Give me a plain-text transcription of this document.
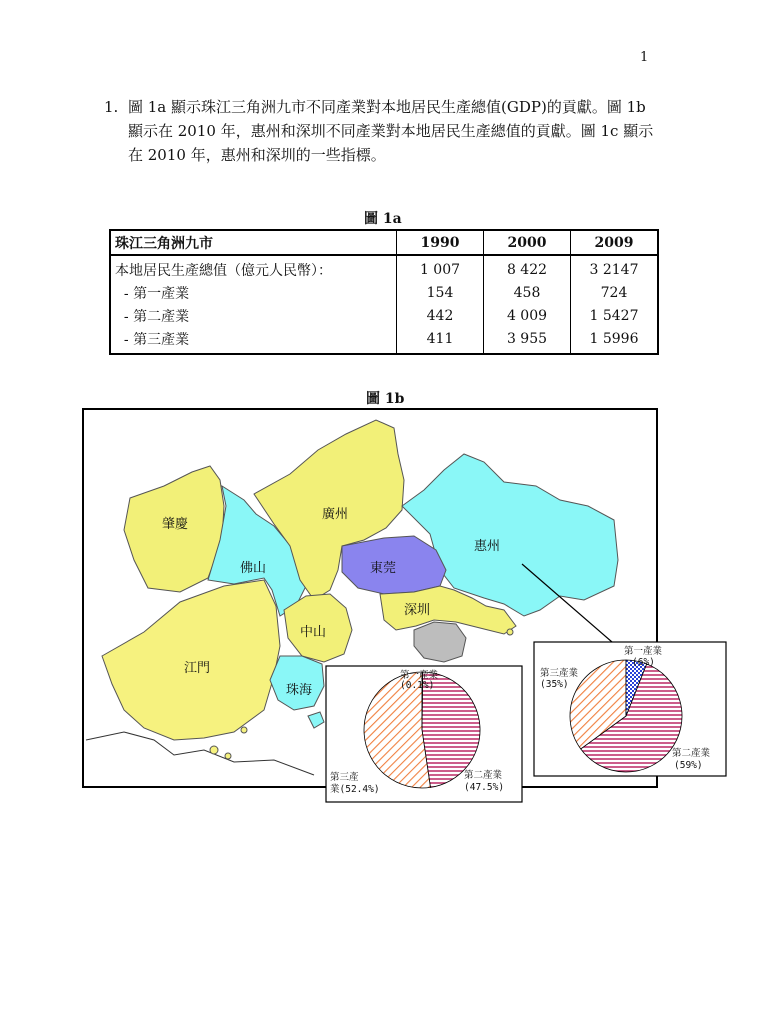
1
1. 圖 1a 顯示珠江三角洲九市不同產業對本地居民生產總值(GDP)的貢獻。圖 1b 顯示在 2010 年，惠州和深圳不同產業對本地居民生產總值的貢獻。圖 1c 顯示在 2010 年，惠州和深圳的一些指標。
圖 1a
珠江三角洲九市	1990	2000	2009
本地居民生產總值（億元人民幣）：	1 007	8 422	3 2147
- 第一產業	154	458	724
- 第二產業	442	4 009	1 5427
- 第三產業	411	3 955	1 5996
圖 1b
肇慶
廣州
惠州
佛山	東莞
深圳
中山
江門
珠海
第一產業
(0.1%)
第三產
業(52.4%)
第二產業
(47.5%)
第一產業
(6%)
第三產業
(35%)
第二產業
(59%)
